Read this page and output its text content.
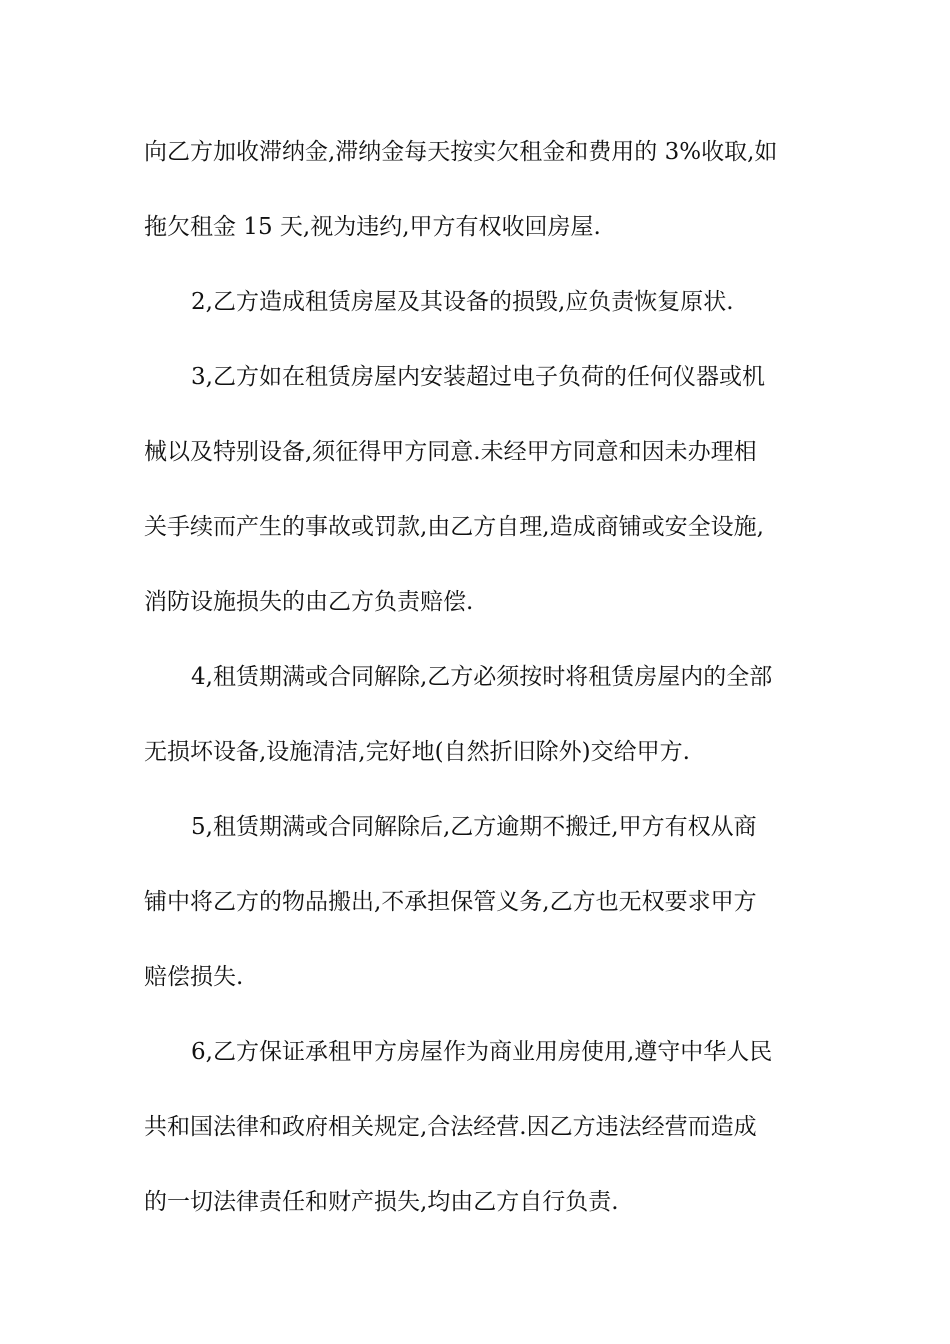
向乙方加收滞纳金,滞纳金每天按实欠租金和费用的 3%收取,如
拖欠租金 15 天,视为违约,甲方有权收回房屋.
2,乙方造成租赁房屋及其设备的损毁,应负责恢复原状.
3,乙方如在租赁房屋内安装超过电子负荷的任何仪器或机
械以及特别设备,须征得甲方同意.未经甲方同意和因未办理相
关手续而产生的事故或罚款,由乙方自理,造成商铺或安全设施,
消防设施损失的由乙方负责赔偿.
4,租赁期满或合同解除,乙方必须按时将租赁房屋内的全部
无损坏设备,设施清洁,完好地(自然折旧除外)交给甲方.
5,租赁期满或合同解除后,乙方逾期不搬迁,甲方有权从商
铺中将乙方的物品搬出,不承担保管义务,乙方也无权要求甲方
赔偿损失.
6,乙方保证承租甲方房屋作为商业用房使用,遵守中华人民
共和国法律和政府相关规定,合法经营.因乙方违法经营而造成
的一切法律责任和财产损失,均由乙方自行负责.
